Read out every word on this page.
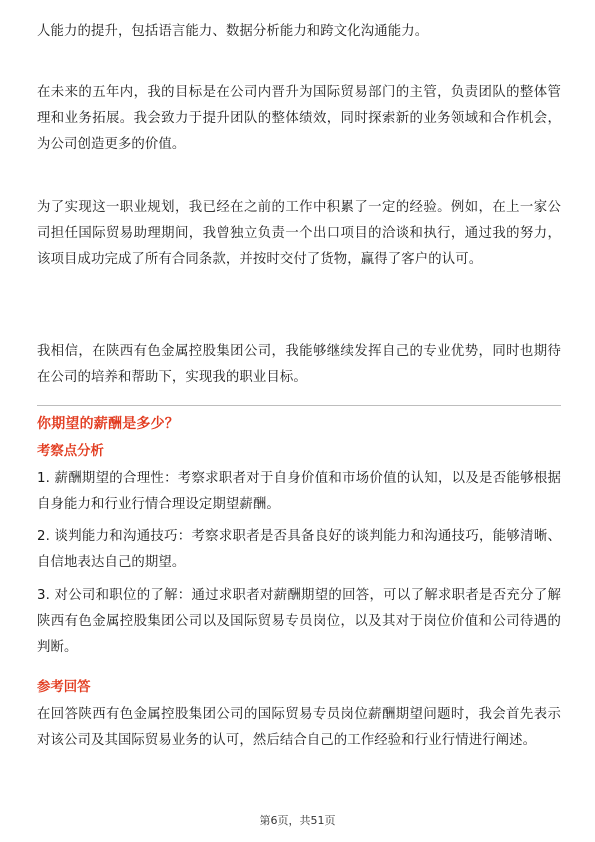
人能力的提升，包括语言能力、数据分析能力和跨文化沟通能力。

在未来的五年内，我的目标是在公司内晋升为国际贸易部门的主管，负责团队的整体管理和业务拓展。我会致力于提升团队的整体绩效，同时探索新的业务领域和合作机会，为公司创造更多的价值。

为了实现这一职业规划，我已经在之前的工作中积累了一定的经验。例如，在上一家公司担任国际贸易助理期间，我曾独立负责一个出口项目的洽谈和执行，通过我的努力，该项目成功完成了所有合同条款，并按时交付了货物，赢得了客户的认可。

我相信，在陕西有色金属控股集团公司，我能够继续发挥自己的专业优势，同时也期待在公司的培养和帮助下，实现我的职业目标。

你期望的薪酬是多少？
考察点分析

1. 薪酬期望的合理性：考察求职者对于自身价值和市场价值的认知，以及是否能够根据自身能力和行业行情合理设定期望薪酬。

2. 谈判能力和沟通技巧：考察求职者是否具备良好的谈判能力和沟通技巧，能够清晰、自信地表达自己的期望。

3. 对公司和职位的了解：通过求职者对薪酬期望的回答，可以了解求职者是否充分了解陕西有色金属控股集团公司以及国际贸易专员岗位，以及其对于岗位价值和公司待遇的判断。

参考回答

在回答陕西有色金属控股集团公司的国际贸易专员岗位薪酬期望问题时，我会首先表示对该公司及其国际贸易业务的认可，然后结合自己的工作经验和行业行情进行阐述。

第6页，共51页
